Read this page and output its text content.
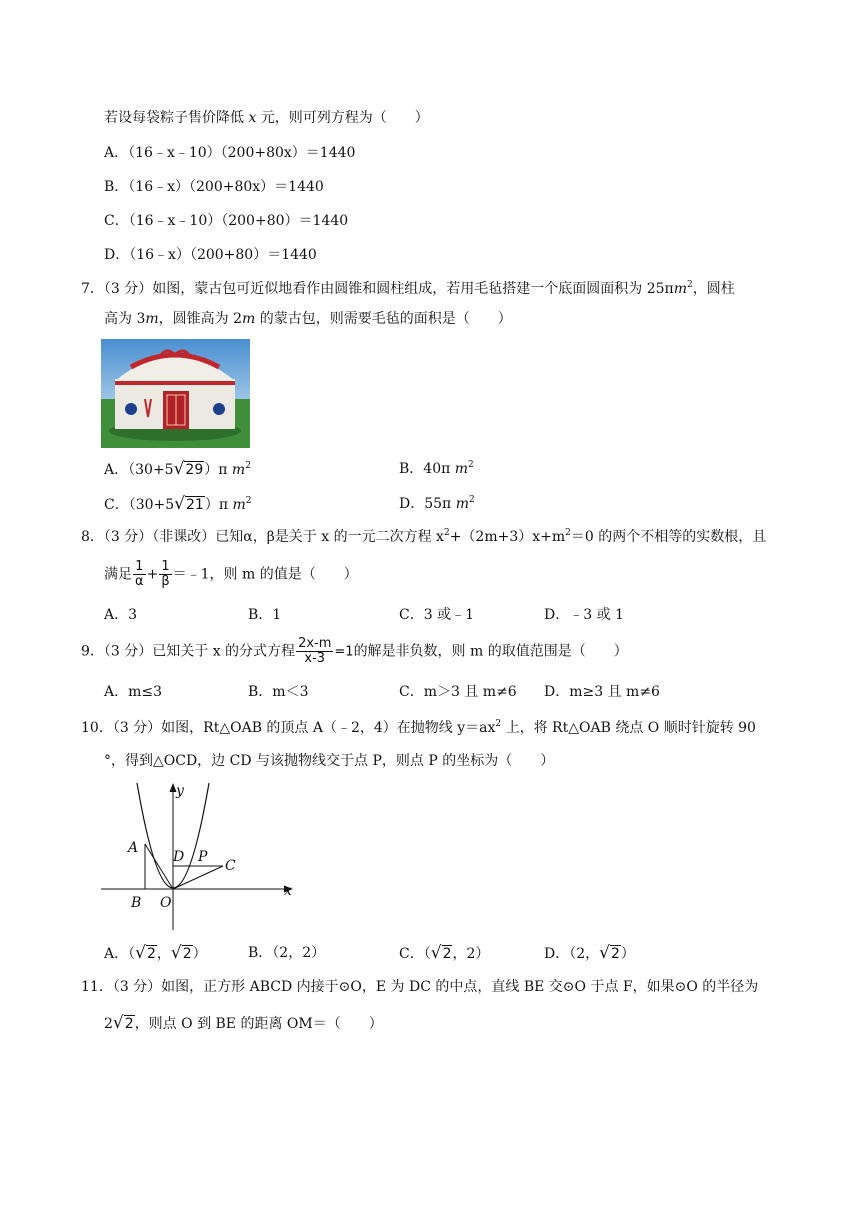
若设每袋粽子售价降低 x 元，则可列方程为（　　）
A．（16﹣x﹣10）（200+80x）＝1440
B．（16﹣x）（200+80x）＝1440
C．（16﹣x﹣10）（200+80）＝1440
D．（16﹣x）（200+80）＝1440
7．（3 分）如图，蒙古包可近似地看作由圆锥和圆柱组成，若用毛毡搭建一个底面圆面积为 $25\pi m^2$，圆柱
高为 3m，圆锥高为 2m 的蒙古包，则需要毛毡的面积是（　　）
A．（30+5√29）π $m^2$	B．40π $m^2$
C．（30+5√21）π $m^2$	D．55π $m^2$
8．（3 分）（非课改）已知α，β是关于 x 的一元二次方程 $x^2+(2m+3)x+m^2=0$ 的两个不相等的实数根，且
满足 $\frac{1}{\alpha} + \frac{1}{\beta}$ ＝﹣1，则 m 的值是（　　）
A．3	B．1	C．3 或﹣1	D．﹣3 或 1
9．（3 分）已知关于 x 的分式方程 $\frac{2x-m}{x-3} =1$的解是非负数，则 m 的取值范围是（　　）
A．m≤3	B．m＜3	C．m＞3 且 m≠6 D．m≥3 且 m≠6
10．（3 分）如图，Rt△OAB 的顶点 A（﹣2，4）在抛物线 $y=ax^2$ 上，将 Rt△OAB 绕点 O 顺时针旋转 90
°，得到△OCD，边 CD 与该抛物线交于点 P，则点 P 的坐标为（　　）
y
x
A
B O
D P
C
A．（√2，√2）	B．（2，2）	C．（√2，2）	D．（2，√2）
11．（3 分）如图，正方形 ABCD 内接于⊙O，E 为 DC 的中点，直线 BE 交⊙O 于点 F，如果⊙O 的半径为
2√2，则点 O 到 BE 的距离 OM＝（　　）
